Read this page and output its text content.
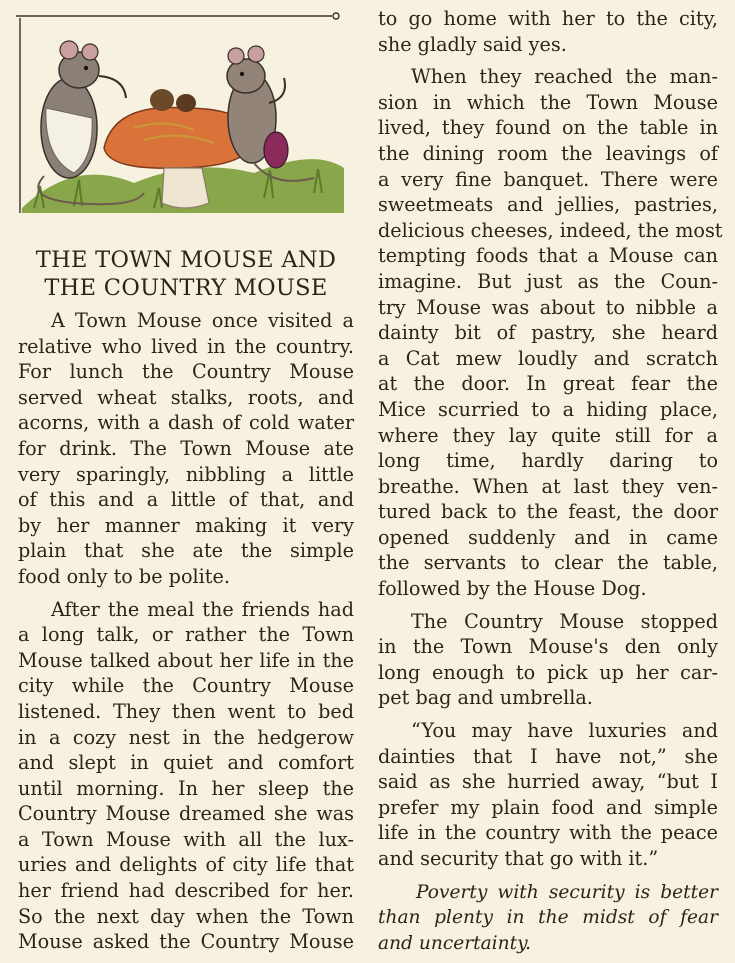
THE TOWN MOUSE AND
THE COUNTRY MOUSE
A Town Mouse once visited a
relative who lived in the country.
For lunch the Country Mouse
served wheat stalks, roots, and
acorns, with a dash of cold water
for drink. The Town Mouse ate
very sparingly, nibbling a little
of this and a little of that, and
by her manner making it very
plain that she ate the simple
food only to be polite.
After the meal the friends had
a long talk, or rather the Town
Mouse talked about her life in the
city while the Country Mouse
listened. They then went to bed
in a cozy nest in the hedgerow
and slept in quiet and comfort
until morning. In her sleep the
Country Mouse dreamed she was
a Town Mouse with all the lux-
uries and delights of city life that
her friend had described for her.
So the next day when the Town
Mouse asked the Country Mouse
to go home with her to the city,
she gladly said yes.
When they reached the man-
sion in which the Town Mouse
lived, they found on the table in
the dining room the leavings of
a very fine banquet. There were
sweetmeats and jellies, pastries,
delicious cheeses, indeed, the most
tempting foods that a Mouse can
imagine. But just as the Coun-
try Mouse was about to nibble a
dainty bit of pastry, she heard
a Cat mew loudly and scratch
at the door. In great fear the
Mice scurried to a hiding place,
where they lay quite still for a
long time, hardly daring to
breathe. When at last they ven-
tured back to the feast, the door
opened suddenly and in came
the servants to clear the table,
followed by the House Dog.
The Country Mouse stopped
in the Town Mouse's den only
long enough to pick up her car-
pet bag and umbrella.
“You may have luxuries and
dainties that I have not,” she
said as she hurried away, “but I
prefer my plain food and simple
life in the country with the peace
and security that go with it.”
Poverty with security is better
than plenty in the midst of fear
and uncertainty.
